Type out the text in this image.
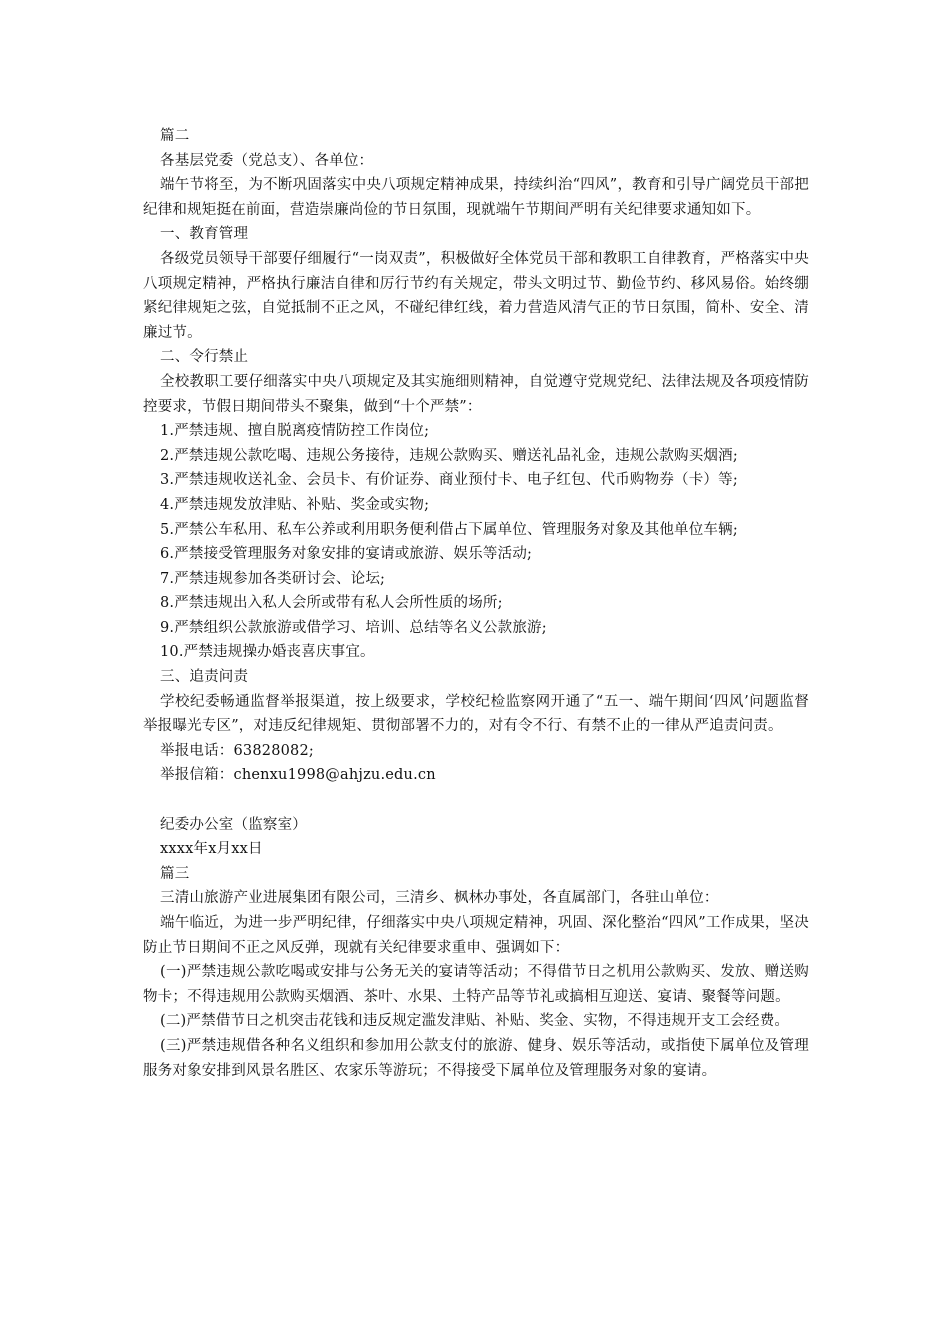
篇二

各基层党委（党总支）、各单位：

端午节将至，为不断巩固落实中央八项规定精神成果，持续纠治“四风”，教育和引导广阔党员干部把纪律和规矩挺在前面，营造崇廉尚俭的节日氛围，现就端午节期间严明有关纪律要求通知如下。

一、教育管理

各级党员领导干部要仔细履行“一岗双责”，积极做好全体党员干部和教职工自律教育，严格落实中央八项规定精神，严格执行廉洁自律和厉行节约有关规定，带头文明过节、勤俭节约、移风易俗。始终绷紧纪律规矩之弦，自觉抵制不正之风，不碰纪律红线，着力营造风清气正的节日氛围，简朴、安全、清廉过节。

二、令行禁止

全校教职工要仔细落实中央八项规定及其实施细则精神，自觉遵守党规党纪、法律法规及各项疫情防控要求，节假日期间带头不聚集，做到“十个严禁”：

1.严禁违规、擅自脱离疫情防控工作岗位;

2.严禁违规公款吃喝、违规公务接待，违规公款购买、赠送礼品礼金，违规公款购买烟酒;

3.严禁违规收送礼金、会员卡、有价证券、商业预付卡、电子红包、代币购物券（卡）等;

4.严禁违规发放津贴、补贴、奖金或实物;

5.严禁公车私用、私车公养或利用职务便利借占下属单位、管理服务对象及其他单位车辆;

6.严禁接受管理服务对象安排的宴请或旅游、娱乐等活动;

7.严禁违规参加各类研讨会、论坛;

8.严禁违规出入私人会所或带有私人会所性质的场所;

9.严禁组织公款旅游或借学习、培训、总结等名义公款旅游;

10.严禁违规操办婚丧喜庆事宜。

三、追责问责

学校纪委畅通监督举报渠道，按上级要求，学校纪检监察网开通了“五一、端午期间‘四风’问题监督举报曝光专区”，对违反纪律规矩、贯彻部署不力的，对有令不行、有禁不止的一律从严追责问责。

举报电话：63828082;

举报信箱：chenxu1998@ahjzu.edu.cn

纪委办公室（监察室）

xxxx年x月xx日

篇三

三清山旅游产业进展集团有限公司，三清乡、枫林办事处，各直属部门，各驻山单位：

端午临近，为进一步严明纪律，仔细落实中央八项规定精神，巩固、深化整治“四风”工作成果，坚决防止节日期间不正之风反弹，现就有关纪律要求重申、强调如下：

(一)严禁违规公款吃喝或安排与公务无关的宴请等活动；不得借节日之机用公款购买、发放、赠送购物卡；不得违规用公款购买烟酒、茶叶、水果、土特产品等节礼或搞相互迎送、宴请、聚餐等问题。

(二)严禁借节日之机突击花钱和违反规定滥发津贴、补贴、奖金、实物，不得违规开支工会经费。

(三)严禁违规借各种名义组织和参加用公款支付的旅游、健身、娱乐等活动，或指使下属单位及管理服务对象安排到风景名胜区、农家乐等游玩；不得接受下属单位及管理服务对象的宴请。
